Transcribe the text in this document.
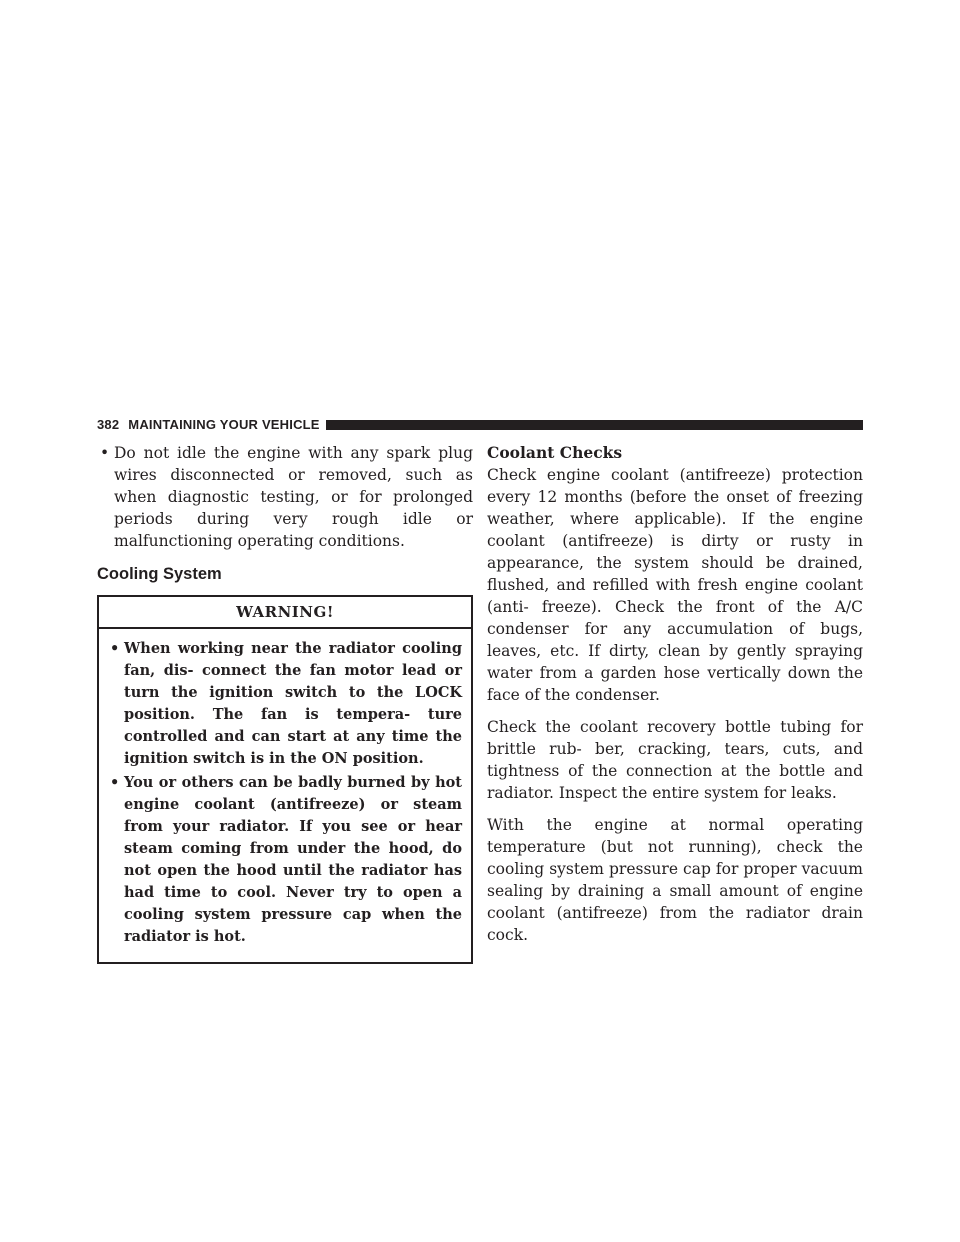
382 MAINTAINING YOUR VEHICLE
• Do not idle the engine with any spark plug wires disconnected or removed, such as when diagnostic testing, or for prolonged periods during very rough idle or malfunctioning operating conditions.
Cooling System
WARNING!
• When working near the radiator cooling fan, dis- connect the fan motor lead or turn the ignition switch to the LOCK position. The fan is tempera- ture controlled and can start at any time the ignition switch is in the ON position.
• You or others can be badly burned by hot engine coolant (antifreeze) or steam from your radiator. If you see or hear steam coming from under the hood, do not open the hood until the radiator has had time to cool. Never try to open a cooling system pressure cap when the radiator is hot.
Coolant Checks

Check engine coolant (antifreeze) protection every 12 months (before the onset of freezing weather, where applicable). If the engine coolant (antifreeze) is dirty or rusty in appearance, the system should be drained, flushed, and refilled with fresh engine coolant (anti- freeze). Check the front of the A/C condenser for any accumulation of bugs, leaves, etc. If dirty, clean by gently spraying water from a garden hose vertically down the face of the condenser.

Check the coolant recovery bottle tubing for brittle rub- ber, cracking, tears, cuts, and tightness of the connection at the bottle and radiator. Inspect the entire system for leaks.

With the engine at normal operating temperature (but not running), check the cooling system pressure cap for proper vacuum sealing by draining a small amount of engine coolant (antifreeze) from the radiator drain cock.
